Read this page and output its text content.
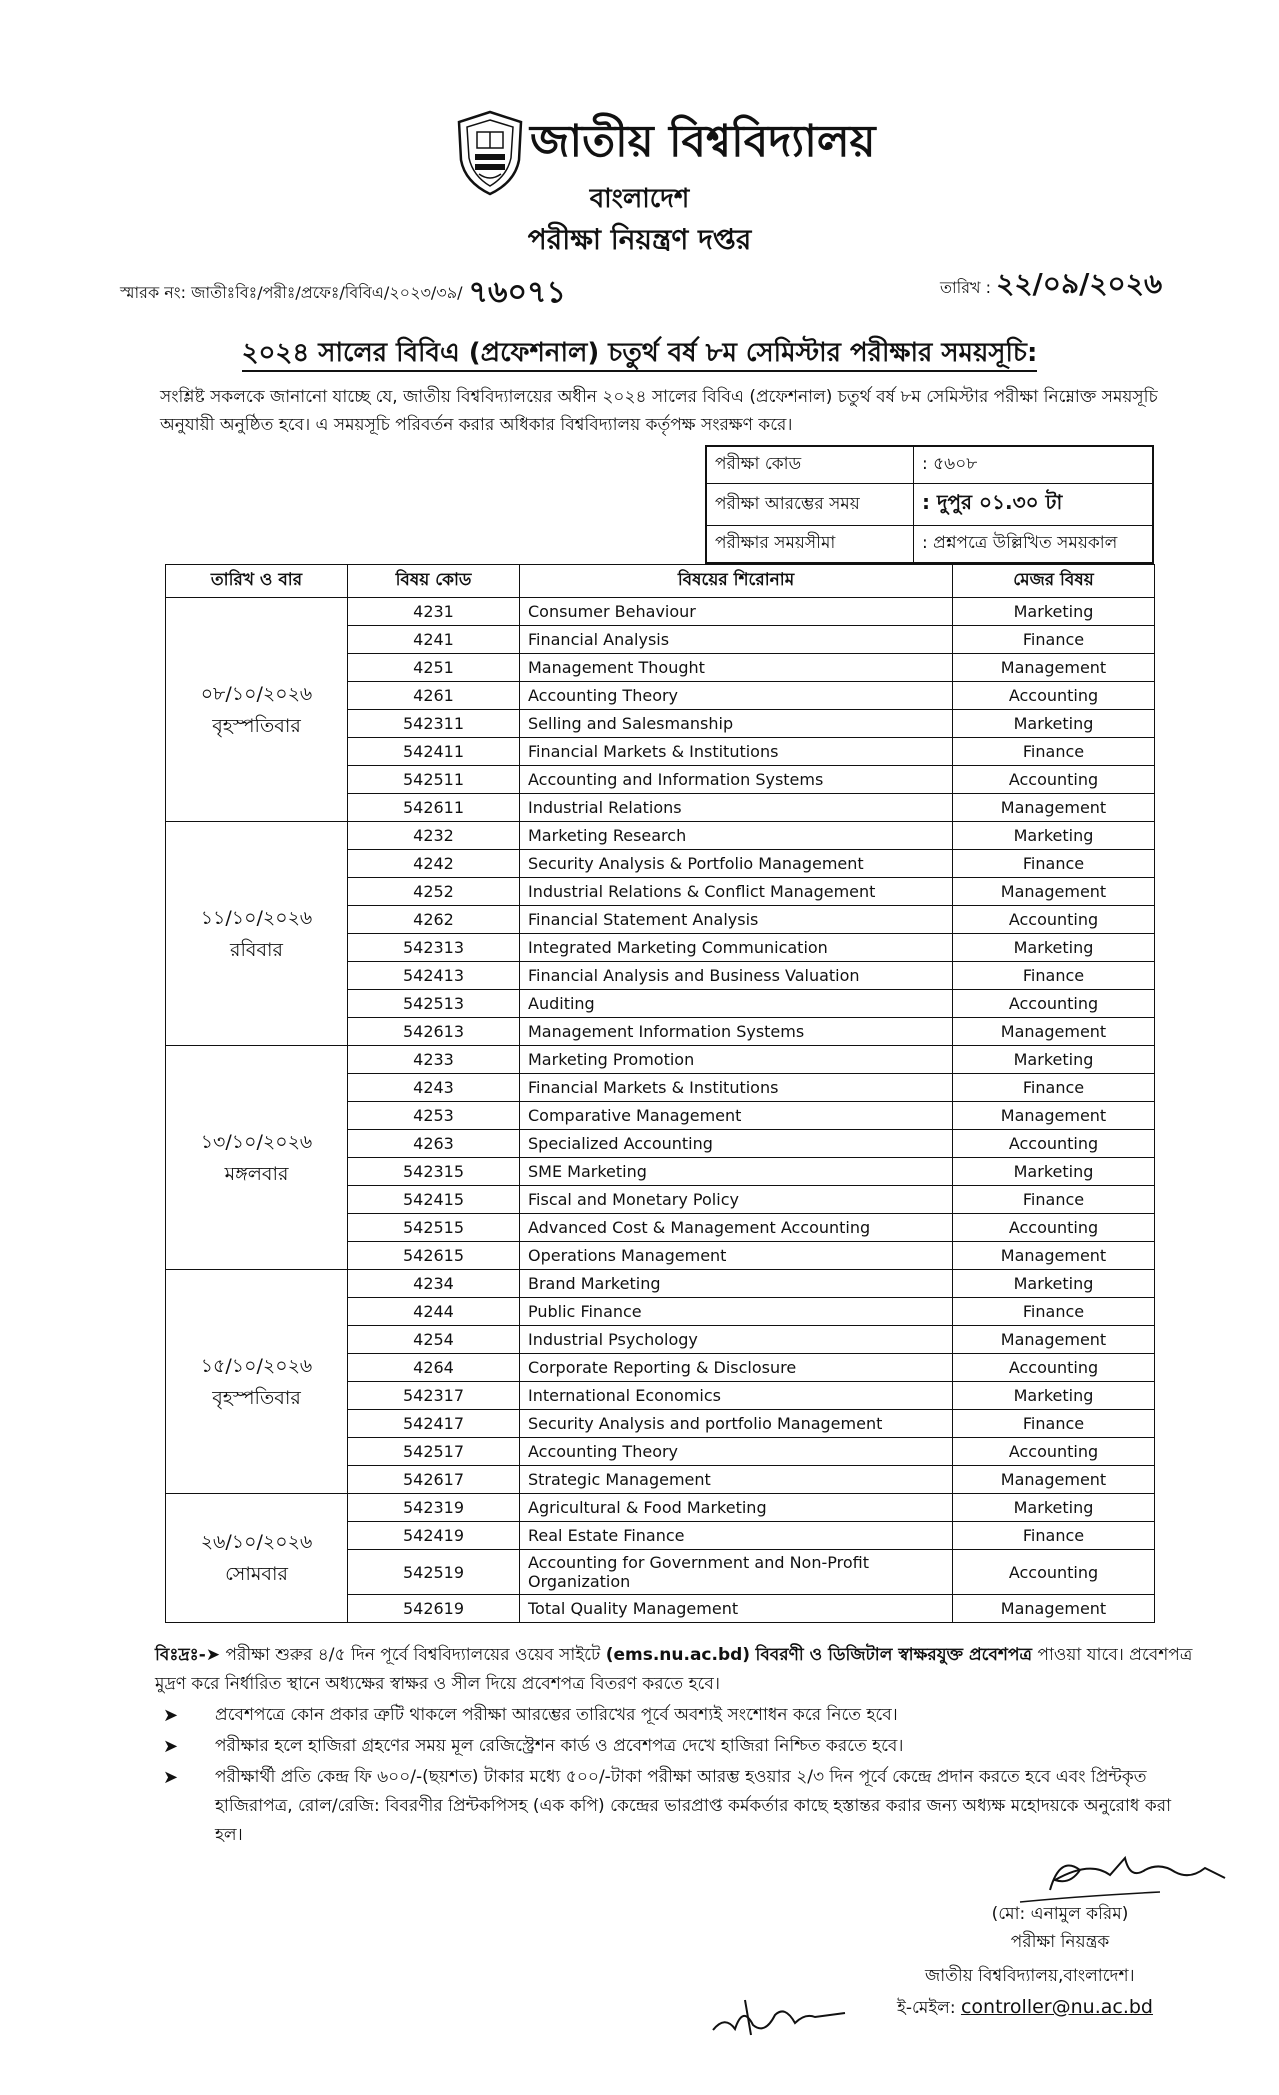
জাতীয় বিশ্ববিদ্যালয়
বাংলাদেশ
পরীক্ষা নিয়ন্ত্রণ দপ্তর
স্মারক নং: জাতীঃবিঃ/পরীঃ/প্রফেঃ/বিবিএ/২০২৩/৩৯/ ৭৬০৭১	তারিখ : ২২/০৯/২০২৬
২০২৪ সালের বিবিএ (প্রফেশনাল) চতুর্থ বর্ষ ৮ম সেমিস্টার পরীক্ষার সময়সূচি:

সংশ্লিষ্ট সকলকে জানানো যাচ্ছে যে, জাতীয় বিশ্ববিদ্যালয়ের অধীন ২০২৪ সালের বিবিএ (প্রফেশনাল) চতুর্থ বর্ষ ৮ম সেমিস্টার পরীক্ষা নিম্নোক্ত সময়সূচি অনুযায়ী অনুষ্ঠিত হবে। এ সময়সূচি পরিবর্তন করার অধিকার বিশ্ববিদ্যালয় কর্তৃপক্ষ সংরক্ষণ করে।

পরীক্ষা কোড	: ৫৬০৮
পরীক্ষা আরম্ভের সময়	: দুপুর ০১.৩০ টা
পরীক্ষার সময়সীমা	: প্রশ্নপত্রে উল্লিখিত সময়কাল
তারিখ ও বার	বিষয় কোড	বিষয়ের শিরোনাম	মেজর বিষয়

০৮/১০/২০২৬
বৃহস্পতিবার	4231	Consumer Behaviour	Marketing
	4241	Financial Analysis	Finance
	4251	Management Thought	Management
	4261	Accounting Theory	Accounting
	542311	Selling and Salesmanship	Marketing
	542411	Financial Markets & Institutions	Finance
	542511	Accounting and Information Systems	Accounting
	542611	Industrial Relations	Management

১১/১০/২০২৬
রবিবার	4232	Marketing Research	Marketing
	4242	Security Analysis & Portfolio Management	Finance
	4252	Industrial Relations & Conflict Management	Management
	4262	Financial Statement Analysis	Accounting
	542313	Integrated Marketing Communication	Marketing
	542413	Financial Analysis and Business Valuation	Finance
	542513	Auditing	Accounting
	542613	Management Information Systems	Management

১৩/১০/২০২৬
মঙ্গলবার	4233	Marketing Promotion	Marketing
	4243	Financial Markets & Institutions	Finance
	4253	Comparative Management	Management
	4263	Specialized Accounting	Accounting
	542315	SME Marketing	Marketing
	542415	Fiscal and Monetary Policy	Finance
	542515	Advanced Cost & Management Accounting	Accounting
	542615	Operations Management	Management

১৫/১০/২০২৬
বৃহস্পতিবার	4234	Brand Marketing	Marketing
	4244	Public Finance	Finance
	4254	Industrial Psychology	Management
	4264	Corporate Reporting & Disclosure	Accounting
	542317	International Economics	Marketing
	542417	Security Analysis and portfolio Management	Finance
	542517	Accounting Theory	Accounting
	542617	Strategic Management	Management

২৬/১০/২০২৬
সোমবার	542319	Agricultural & Food Marketing	Marketing
	542419	Real Estate Finance	Finance
	542519	Accounting for Government and Non-Profit Organization	Accounting
	542619	Total Quality Management	Management
বিঃদ্রঃ-➤ পরীক্ষা শুরুর ৪/৫ দিন পূর্বে বিশ্ববিদ্যালয়ের ওয়েব সাইটে (ems.nu.ac.bd) বিবরণী ও ডিজিটাল স্বাক্ষরযুক্ত প্রবেশপত্র পাওয়া যাবে। প্রবেশপত্র মুদ্রণ করে নির্ধারিত স্থানে অধ্যক্ষের স্বাক্ষর ও সীল দিয়ে প্রবেশপত্র বিতরণ করতে হবে।
➤ প্রবেশপত্রে কোন প্রকার ত্রুটি থাকলে পরীক্ষা আরম্ভের তারিখের পূর্বে অবশ্যই সংশোধন করে নিতে হবে।
➤ পরীক্ষার হলে হাজিরা গ্রহণের সময় মূল রেজিস্ট্রেশন কার্ড ও প্রবেশপত্র দেখে হাজিরা নিশ্চিত করতে হবে।
➤ পরীক্ষার্থী প্রতি কেন্দ্র ফি ৬০০/-(ছয়শত) টাকার মধ্যে ৫০০/-টাকা পরীক্ষা আরম্ভ হওয়ার ২/৩ দিন পূর্বে কেন্দ্রে প্রদান করতে হবে এবং প্রিন্টকৃত হাজিরাপত্র, রোল/রেজি: বিবরণীর প্রিন্টকপিসহ (এক কপি) কেন্দ্রের ভারপ্রাপ্ত কর্মকর্তার কাছে হস্তান্তর করার জন্য অধ্যক্ষ মহোদয়কে অনুরোধ করা হল।
(মো: এনামুল করিম)
পরীক্ষা নিয়ন্ত্রক
জাতীয় বিশ্ববিদ্যালয়,বাংলাদেশ।
ই-মেইল: controller@nu.ac.bd
